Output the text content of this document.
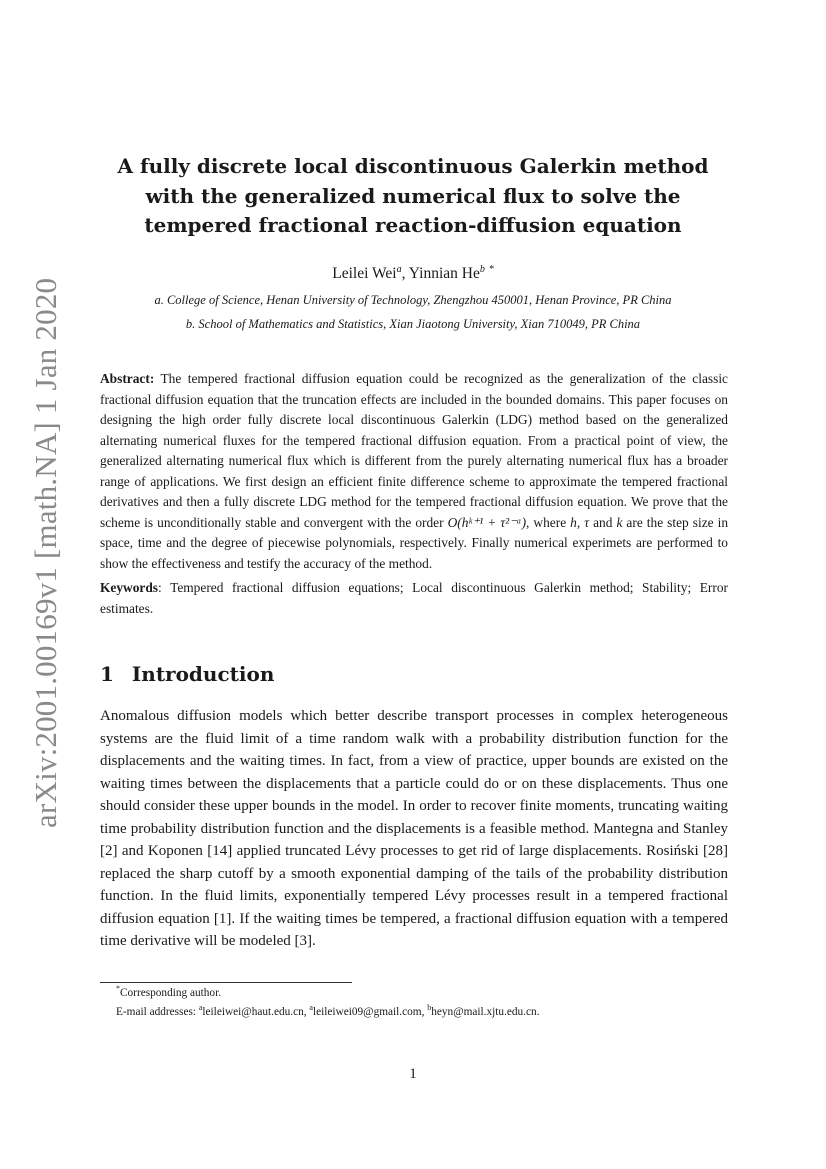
arXiv:2001.00169v1 [math.NA] 1 Jan 2020
A fully discrete local discontinuous Galerkin method with the generalized numerical flux to solve the tempered fractional reaction-diffusion equation
Leilei Wei$^a$, Yinnian He$^b$ *
a. College of Science, Henan University of Technology, Zhengzhou 450001, Henan Province, PR China
b. School of Mathematics and Statistics, Xian Jiaotong University, Xian 710049, PR China

Abstract: The tempered fractional diffusion equation could be recognized as the generalization of the classic fractional diffusion equation that the truncation effects are included in the bounded domains. This paper focuses on designing the high order fully discrete local discontinuous Galerkin (LDG) method based on the generalized alternating numerical fluxes for the tempered fractional diffusion equation. From a practical point of view, the generalized alternating numerical flux which is different from the purely alternating numerical flux has a broader range of applications. We first design an efficient finite difference scheme to approximate the tempered fractional derivatives and then a fully discrete LDG method for the tempered fractional diffusion equation. We prove that the scheme is unconditionally stable and convergent with the order O(hᵏ⁺¹ + τ²⁻ᵅ), where h, τ and k are the step size in space, time and the degree of piecewise polynomials, respectively. Finally numerical experimets are performed to show the effectiveness and testify the accuracy of the method.

Keywords: Tempered fractional diffusion equations; Local discontinuous Galerkin method; Stability; Error estimates.

1 Introduction

Anomalous diffusion models which better describe transport processes in complex heterogeneous systems are the fluid limit of a time random walk with a probability distribution function for the displacements and the waiting times. In fact, from a view of practice, upper bounds are existed on the waiting times between the displacements that a particle could do or on these displacements. Thus one should consider these upper bounds in the model. In order to recover finite moments, truncating waiting time probability distribution function and the displacements is a feasible method. Mantegna and Stanley [2] and Koponen [14] applied truncated Lévy processes to get rid of large displacements. Rosiński [28] replaced the sharp cutoff by a smooth exponential damping of the tails of the probability distribution function. In the fluid limits, exponentially tempered Lévy processes result in a tempered fractional diffusion equation [1]. If the waiting times be tempered, a fractional diffusion equation with a tempered time derivative will be modeled [3].

*Corresponding author.
E-mail addresses: $^a$leileiwei@haut.edu.cn, $^a$leileiwei09@gmail.com, $^b$heyn@mail.xjtu.edu.cn.
1
